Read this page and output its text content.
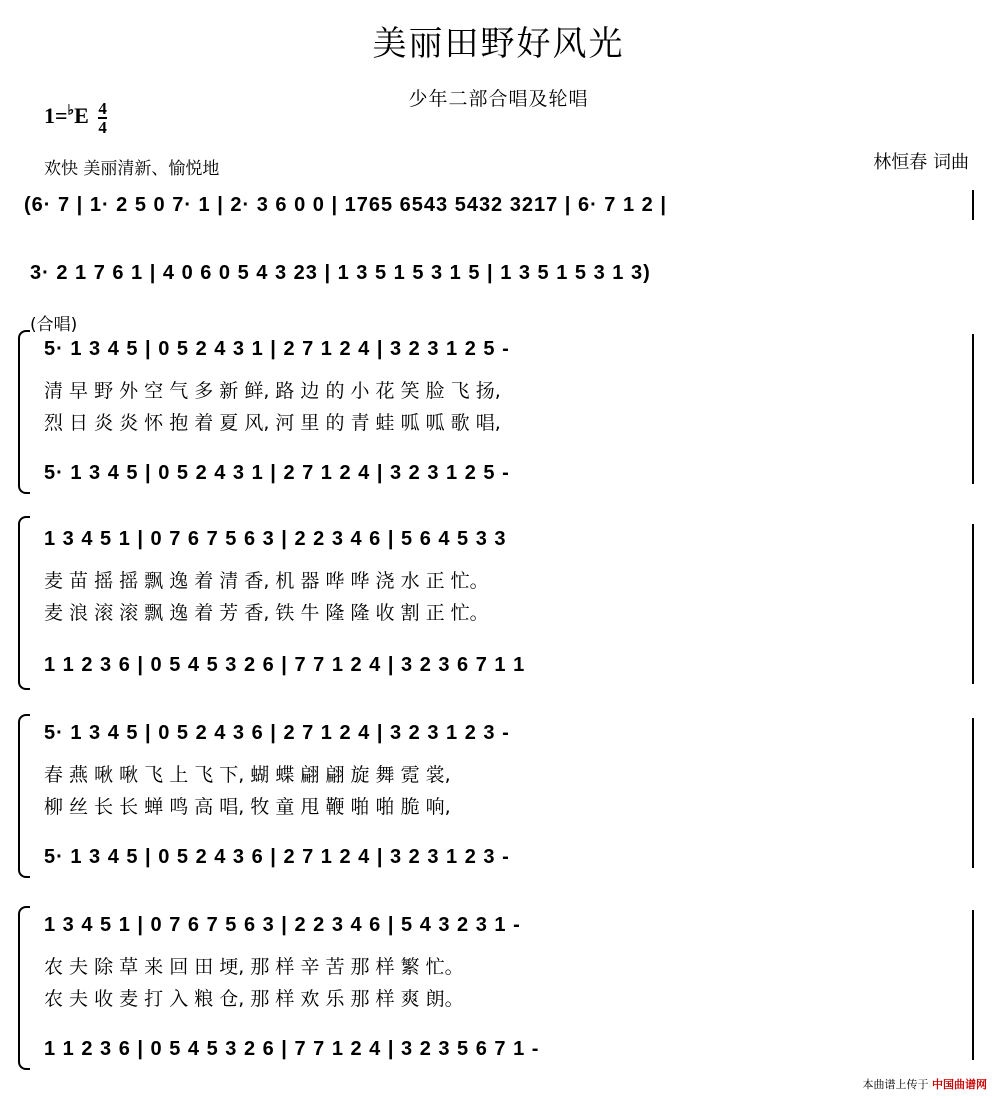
美丽田野好风光
少年二部合唱及轮唱
$1=^♭E \frac{4}{4}$
欢快 美丽清新、愉悦地	林恒春 词曲
(6· 7 | 1· 2 5 0 7· 1 | 2· 3 6 0 0 | 1765 6543 5432 3217 | 6· 7 1 2 |
3· 2 1 7 6 1 | 4 0 6 0 5 4 3 23 | 1 3 5 1 5 3 1 5 | 1 3 5 1 5 3 1 3)
(合唱)
5· 1 3 4 5 | 0 5 2 4 3 1 | 2 7 1 2 4 | 3 2 3 1 2 5 -
清 早 野 外 空 气 多 新 鲜, 路 边 的 小 花 笑 脸 飞 扬,
烈 日 炎 炎 怀 抱 着 夏 风, 河 里 的 青 蛙 呱 呱 歌 唱,
5· 1 3 4 5 | 0 5 2 4 3 1 | 2 7 1 2 4 | 3 2 3 1 2 5 -
1 3 4 5 1 | 0 7 6 7 5 6 3 | 2 2 3 4 6 | 5 6 4 5 3 3
麦 苗 摇 摇 飘 逸 着 清 香, 机 器 哗 哗 浇 水 正 忙。
麦 浪 滚 滚 飘 逸 着 芳 香, 铁 牛 隆 隆 收 割 正 忙。
1 1 2 3 6 | 0 5 4 5 3 2 6 | 7 7 1 2 4 | 3 2 3 6 7 1 1
5· 1 3 4 5 | 0 5 2 4 3 6 | 2 7 1 2 4 | 3 2 3 1 2 3 -
春 燕 啾 啾 飞 上 飞 下, 蝴 蝶 翩 翩 旋 舞 霓 裳,
柳 丝 长 长 蝉 鸣 高 唱, 牧 童 甩 鞭 啪 啪 脆 响,
5· 1 3 4 5 | 0 5 2 4 3 6 | 2 7 1 2 4 | 3 2 3 1 2 3 -
1 3 4 5 1 | 0 7 6 7 5 6 3 | 2 2 3 4 6 | 5 4 3 2 3 1 -
农 夫 除 草 来 回 田 埂, 那 样 辛 苦 那 样 繁 忙。
农 夫 收 麦 打 入 粮 仓, 那 样 欢 乐 那 样 爽 朗。
1 1 2 3 6 | 0 5 4 5 3 2 6 | 7 7 1 2 4 | 3 2 3 5 6 7 1 -
本曲谱上传于 中国曲谱网
